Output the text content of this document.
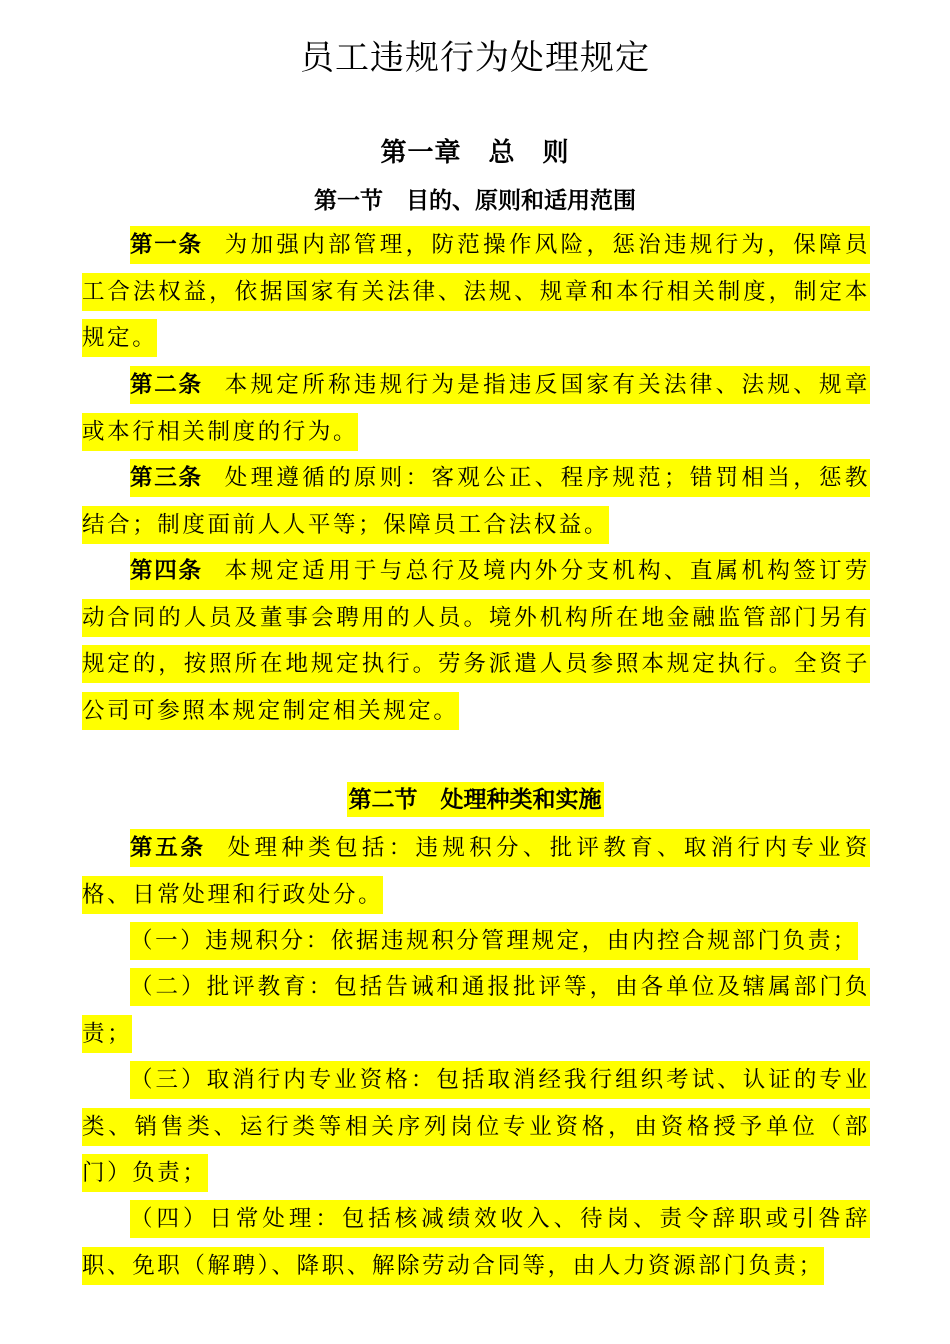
员工违规行为处理规定
第一章　总　则
第一节　目的、原则和适用范围
第一条 为加强内部管理，防范操作风险，惩治违规行为，保障员工合法权益，依据国家有关法律、法规、规章和本行相关制度，制定本规定。
第二条 本规定所称违规行为是指违反国家有关法律、法规、规章或本行相关制度的行为。
第三条 处理遵循的原则：客观公正、程序规范；错罚相当，惩教结合；制度面前人人平等；保障员工合法权益。
第四条 本规定适用于与总行及境内外分支机构、直属机构签订劳动合同的人员及董事会聘用的人员。境外机构所在地金融监管部门另有规定的，按照所在地规定执行。劳务派遣人员参照本规定执行。全资子公司可参照本规定制定相关规定。
第二节　处理种类和实施
第五条 处理种类包括：违规积分、批评教育、取消行内专业资格、日常处理和行政处分。
（一）违规积分：依据违规积分管理规定，由内控合规部门负责；
（二）批评教育：包括告诫和通报批评等，由各单位及辖属部门负责；
（三）取消行内专业资格：包括取消经我行组织考试、认证的专业类、销售类、运行类等相关序列岗位专业资格，由资格授予单位（部门）负责；
（四）日常处理：包括核减绩效收入、待岗、责令辞职或引咎辞职、免职（解聘）、降职、解除劳动合同等，由人力资源部门负责；
